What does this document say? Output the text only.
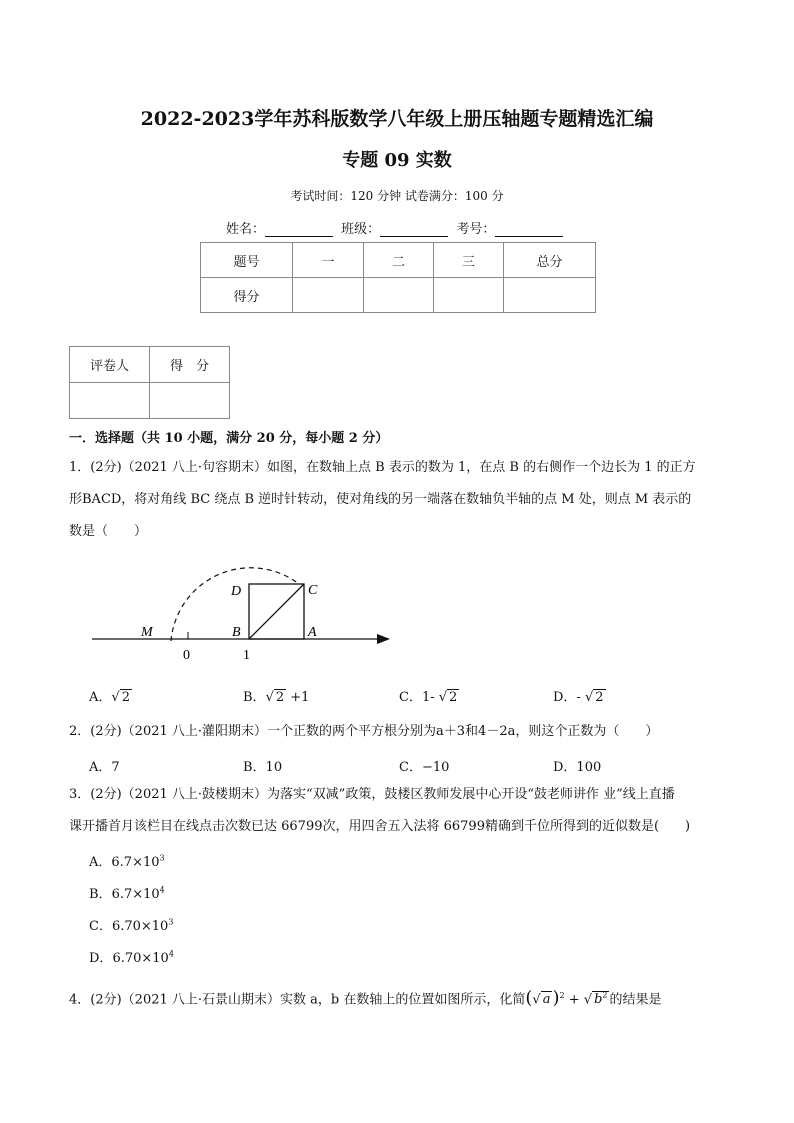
2022-2023学年苏科版数学八年级上册压轴题专题精选汇编
专题 09 实数
考试时间：120 分钟 试卷满分：100 分
姓名：	班级：	考号：
题号	一	二	三	总分
得分				
评卷人	得　分

一．选择题（共 10 小题，满分 20 分，每小题 2 分）
1．(2分)（2021 八上·句容期末）如图，在数轴上点 B 表示的数为 1，在点 B 的右侧作一个边长为 1 的正方
形BACD，将对角线 BC 绕点 B 逆时针转动，使对角线的另一端落在数轴负半轴的点 M 处，则点 M 表示的
数是（　　）
D	C
M	B	A
0	1
A．√ 2	B．√ 2 +1	C．1- √ 2	D．- √ 2
2．(2分)（2021 八上·灌阳期末）一个正数的两个平方根分别为a＋3和4－2a，则这个正数为（　　）
A．7	B．10	C．−10	D．100
3．(2分)（2021 八上·鼓楼期末）为落实“双减”政策，鼓楼区教师发展中心开设“鼓老师讲作 业”线上直播
课开播首月该栏目在线点击次数已达 66799次，用四舍五入法将 66799精确到千位所得到的近似数是(　　)
A．$6.7\times 10^3$
B．$6.7\times 10^4$
C．$6.70\times 10^3$
D．$6.70\times 10^4$
4．(2分)（2021 八上·石景山期末）实数 a，b 在数轴上的位置如图所示，化简(√ a )$^2$ + √ $b^2$ 的结果是
